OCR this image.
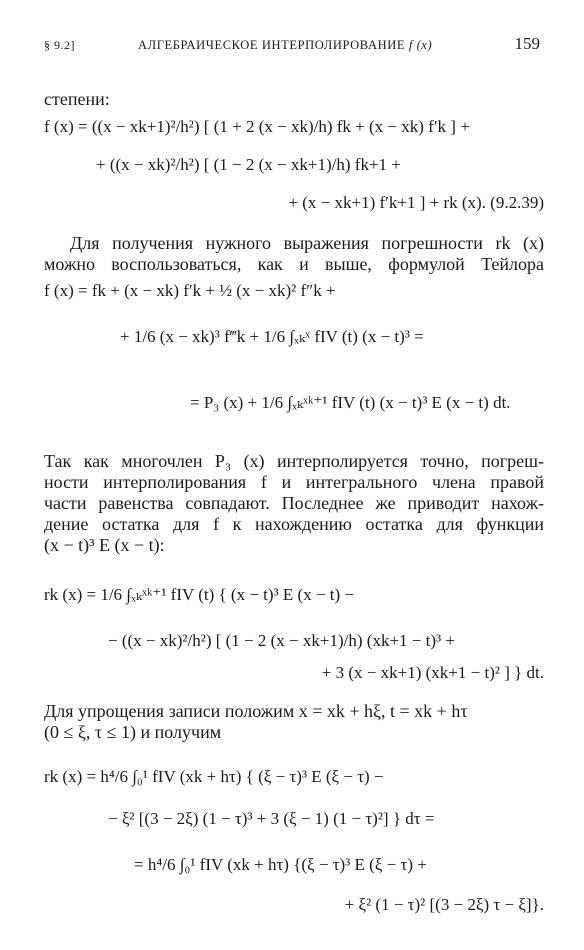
§ 9.2]	АЛГЕБРАИЧЕСКОЕ ИНТЕРПОЛИРОВАНИЕ f (x)	159
степени:
f (x) = ((x − xk+1)²/h²) [ (1 + 2 (x − xk)/h) fk + (x − xk) f′k ] +
+ ((x − xk)²/h²) [ (1 − 2 (x − xk+1)/h) fk+1 +
+ (x − xk+1) f′k+1 ] + rk (x). (9.2.39)
Для получения нужного выражения погрешности rk (x)
можно воспользоваться, как и выше, формулой Тейлора
f (x) = fk + (x − xk) f′k + ½ (x − xk)² f″k +
+ 1/6 (x − xk)³ f‴k + 1/6 ∫ₓₖˣ fIV (t) (x − t)³ =
= P₃ (x) + 1/6 ∫ₓₖˣᵏ⁺¹ fIV (t) (x − t)³ E (x − t) dt.
Так как многочлен P₃ (x) интерполируется точно, погреш-
ности интерполирования f и интегрального члена правой
части равенства совпадают. Последнее же приводит нахож-
дение остатка для f к нахождению остатка для функции
(x − t)³ E (x − t):
rk (x) = 1/6 ∫ₓₖˣᵏ⁺¹ fIV (t) { (x − t)³ E (x − t) −
− ((x − xk)²/h²) [ (1 − 2 (x − xk+1)/h) (xk+1 − t)³ +
+ 3 (x − xk+1) (xk+1 − t)² ] } dt.
Для упрощения записи положим x = xk + hξ, t = xk + hτ
(0 ≤ ξ, τ ≤ 1) и получим
rk (x) = h⁴/6 ∫₀¹ fIV (xk + hτ) { (ξ − τ)³ E (ξ − τ) −
− ξ² [(3 − 2ξ) (1 − τ)³ + 3 (ξ − 1) (1 − τ)²] } dτ =
= h⁴/6 ∫₀¹ fIV (xk + hτ) {(ξ − τ)³ E (ξ − τ) +
+ ξ² (1 − τ)² [(3 − 2ξ) τ − ξ]}.
